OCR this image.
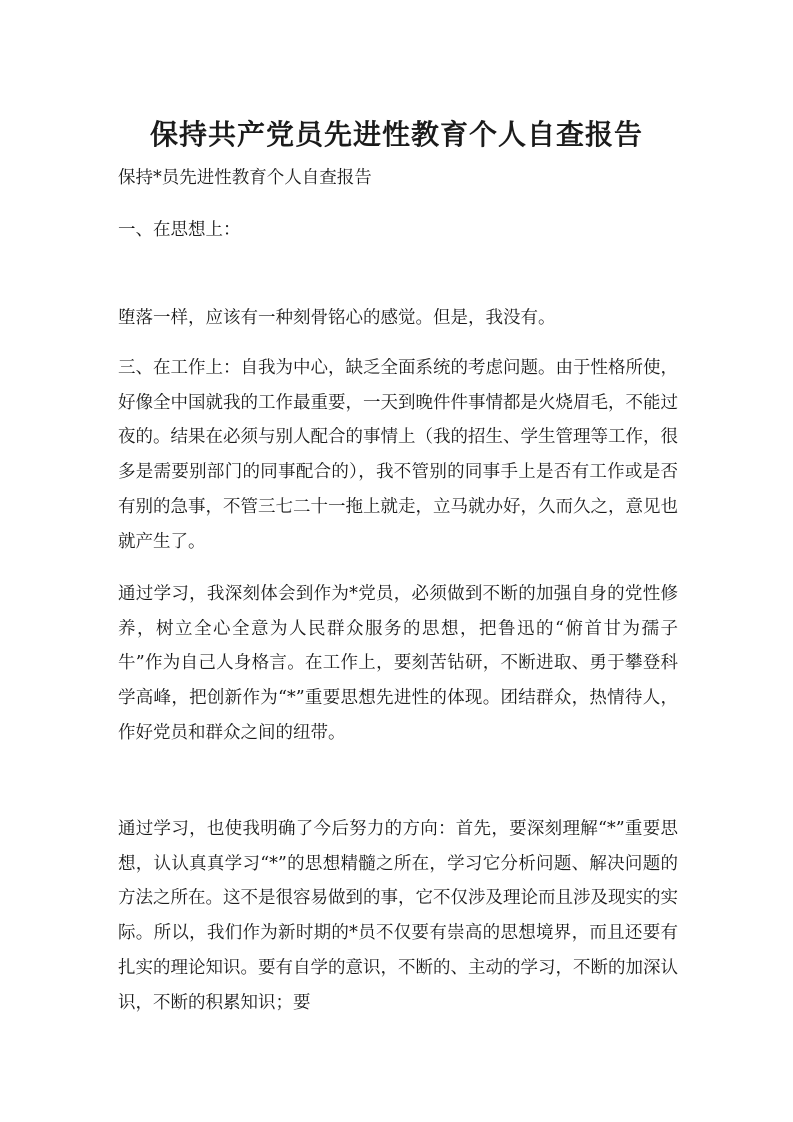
保持共产党员先进性教育个人自查报告

保持*员先进性教育个人自查报告

一、在思想上：

堕落一样，应该有一种刻骨铭心的感觉。但是，我没有。

三、在工作上：自我为中心，缺乏全面系统的考虑问题。由于性格所使，好像全中国就我的工作最重要，一天到晚件件事情都是火烧眉毛，不能过夜的。结果在必须与别人配合的事情上（我的招生、学生管理等工作，很多是需要别部门的同事配合的），我不管别的同事手上是否有工作或是否有别的急事，不管三七二十一拖上就走，立马就办好，久而久之，意见也就产生了。

通过学习，我深刻体会到作为*党员，必须做到不断的加强自身的党性修养，树立全心全意为人民群众服务的思想，把鲁迅的“俯首甘为孺子牛”作为自己人身格言。在工作上，要刻苦钻研，不断进取、勇于攀登科学高峰，把创新作为“*”重要思想先进性的体现。团结群众，热情待人，作好党员和群众之间的纽带。

通过学习，也使我明确了今后努力的方向：首先，要深刻理解“*”重要思想，认认真真学习“*”的思想精髓之所在，学习它分析问题、解决问题的方法之所在。这不是很容易做到的事，它不仅涉及理论而且涉及现实的实际。所以，我们作为新时期的*员不仅要有崇高的思想境界，而且还要有扎实的理论知识。要有自学的意识，不断的、主动的学习，不断的加深认识，不断的积累知识；要
